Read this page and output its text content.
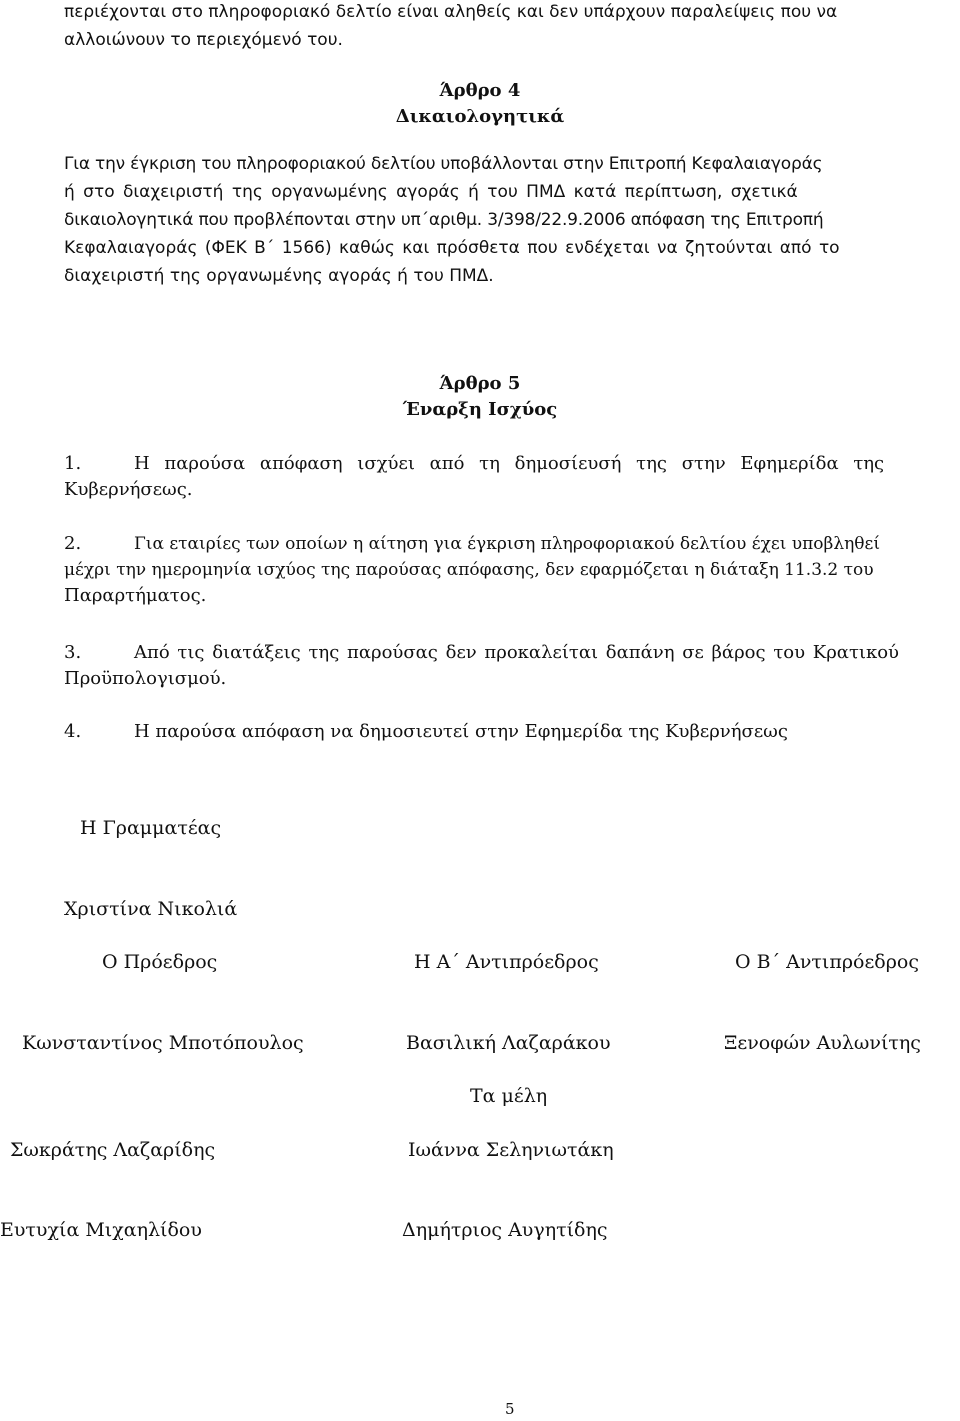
περιέχονται στο πληροφοριακό δελτίο είναι αληθείς και δεν υπάρχουν παραλείψεις που να
αλλοιώνουν το περιεχόμενό του.
Άρθρο 4
Δικαιολογητικά
Για την έγκριση του πληροφοριακού δελτίου υποβάλλονται στην Επιτροπή Κεφαλαιαγοράς
ή στο διαχειριστή της οργανωμένης αγοράς ή του ΠΜΔ κατά περίπτωση, σχετικά
δικαιολογητικά που προβλέπονται στην υπ΄αριθμ. 3/398/22.9.2006 απόφαση της Επιτροπή
Κεφαλαιαγοράς (ΦΕΚ Β΄ 1566) καθώς και πρόσθετα που ενδέχεται να ζητούνται από το
διαχειριστή της οργανωμένης αγοράς ή του ΠΜΔ.
Άρθρο 5
Έναρξη Ισχύος
1.	Η παρούσα απόφαση ισχύει από τη δημοσίευσή της στην Εφημερίδα της
Κυβερνήσεως.
2.	Για εταιρίες των οποίων η αίτηση για έγκριση πληροφοριακού δελτίου έχει υποβληθεί
μέχρι την ημερομηνία ισχύος της παρούσας απόφασης, δεν εφαρμόζεται η διάταξη 11.3.2 του
Παραρτήματος.
3.	Από τις διατάξεις της παρούσας δεν προκαλείται δαπάνη σε βάρος του Κρατικού
Προϋπολογισμού.
4.	Η παρούσα απόφαση να δημοσιευτεί στην Εφημερίδα της Κυβερνήσεως
Η Γραμματέας
Χριστίνα Νικολιά
Ο Πρόεδρος	Η Α΄ Αντιπρόεδρος	Ο Β΄ Αντιπρόεδρος
Κωνσταντίνος Μποτόπουλος	Βασιλική Λαζαράκου	Ξενοφών Αυλωνίτης
Τα μέλη
Σωκράτης Λαζαρίδης	Ιωάννα Σεληνιωτάκη
Ευτυχία Μιχαηλίδου	Δημήτριος Αυγητίδης
5
